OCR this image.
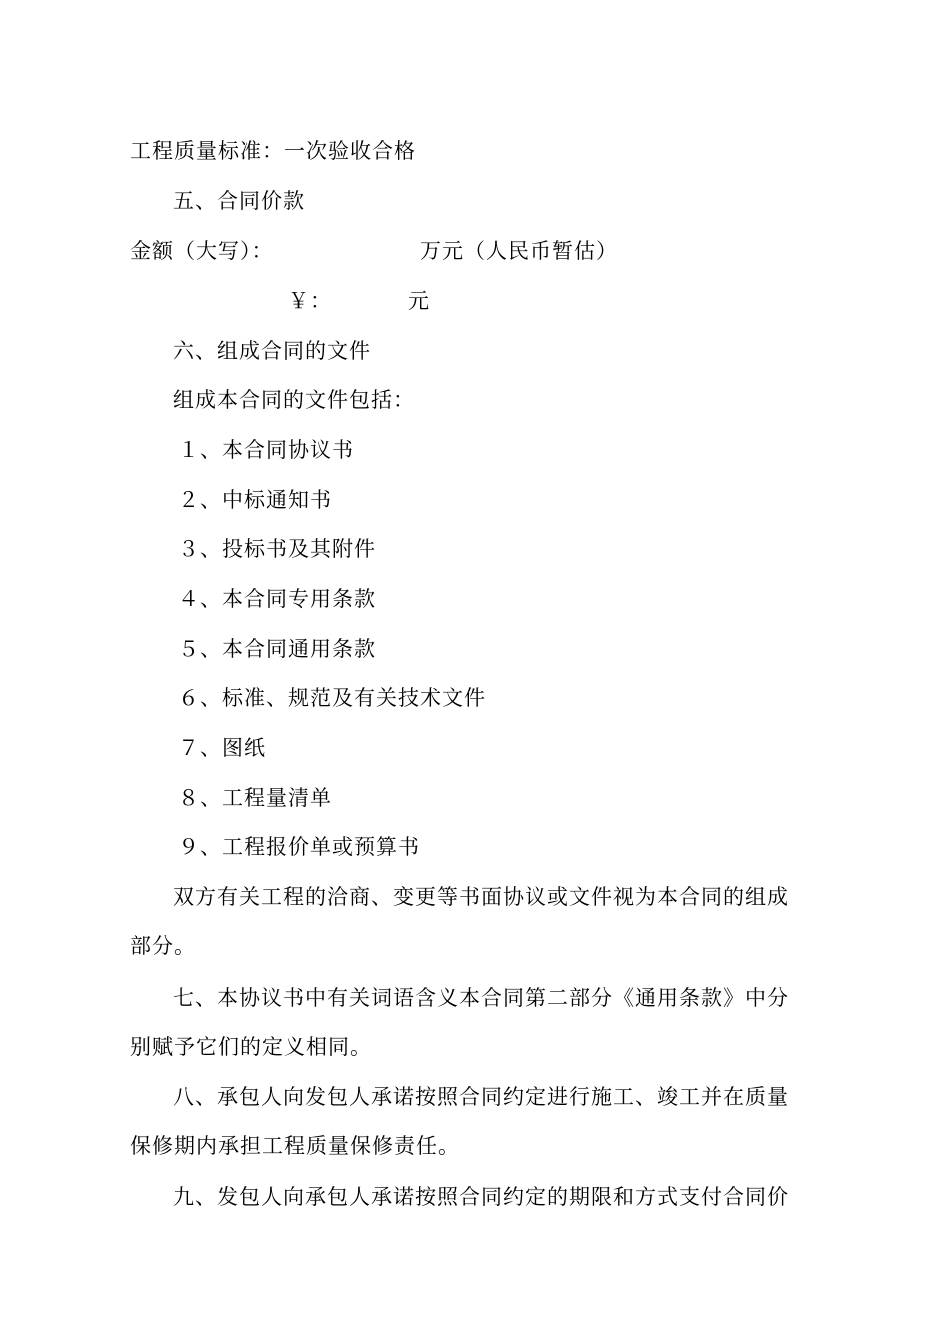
工程质量标准：一次验收合格
五、合同价款
金额（大写）：	万元（人民币暂估）
￥：	元
六、组成合同的文件
组成本合同的文件包括：
１、本合同协议书
２、中标通知书
３、投标书及其附件
４、本合同专用条款
５、本合同通用条款
６、标准、规范及有关技术文件
７、图纸
８、工程量清单
９、工程报价单或预算书
双方有关工程的洽商、变更等书面协议或文件视为本合同的组成
部分。
七、本协议书中有关词语含义本合同第二部分《通用条款》中分
别赋予它们的定义相同。
八、承包人向发包人承诺按照合同约定进行施工、竣工并在质量
保修期内承担工程质量保修责任。
九、发包人向承包人承诺按照合同约定的期限和方式支付合同价
